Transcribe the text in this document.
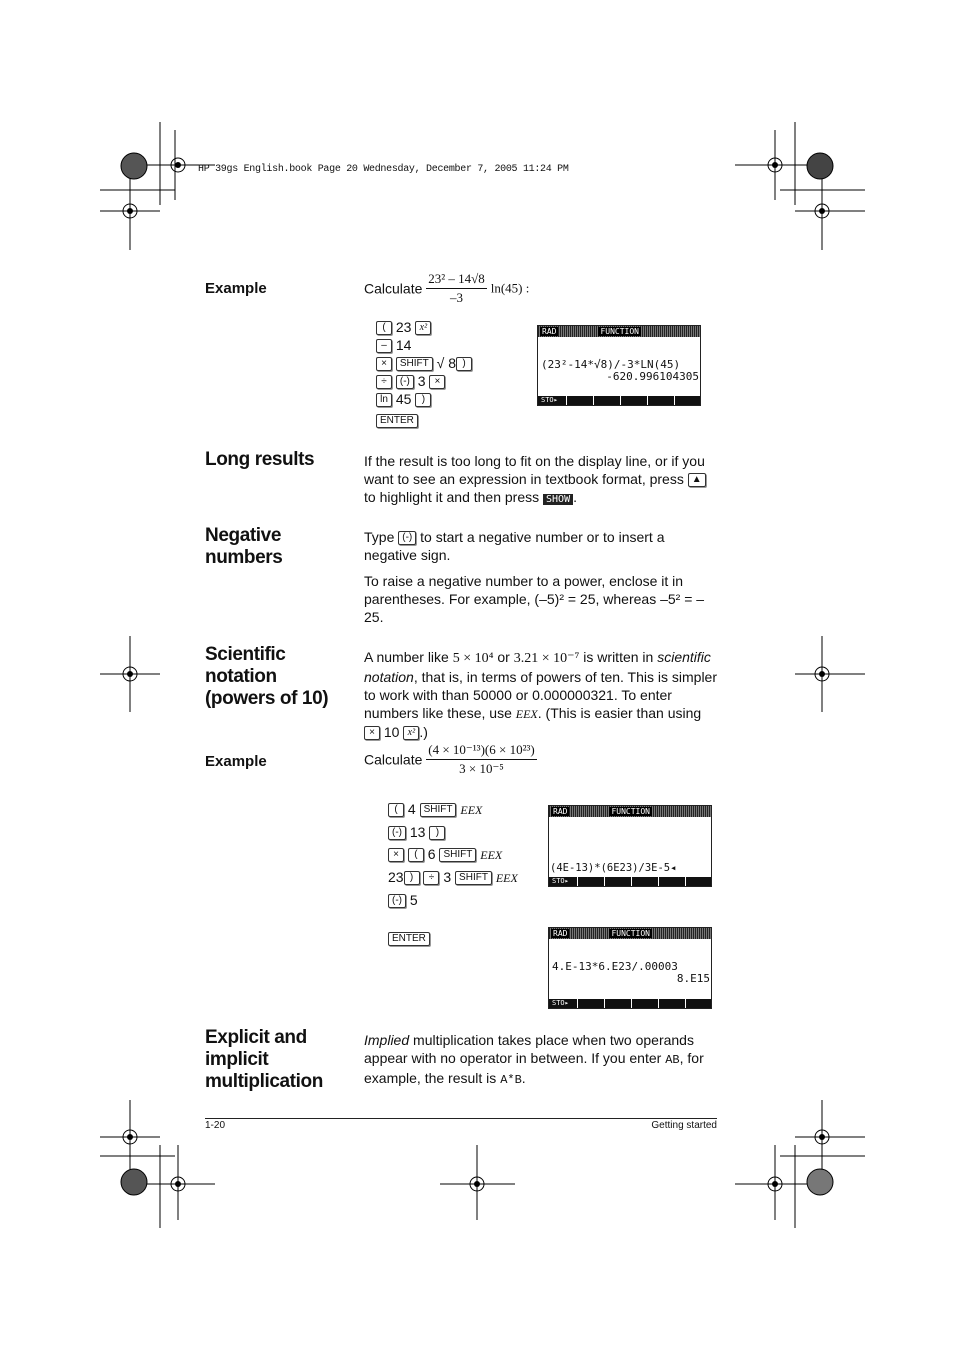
HP 39gs English.book Page 20 Wednesday, December 7, 2005 11:24 PM
Example	Calculate $\frac{\text{23² – 14√8}}{-3} \ln(45)$ :
( 23 x²
– 14
× SHIFT √ 8 )
÷ (-) 3 ×
ln 45 )
ENTER
RAD	FUNCTION
(23²-14*√8)/-3*LN(45)
-620.996104305
STO▸
Long results	If the result is too long to fit on the display line, or if you want to see an expression in textbook format, press ▲ to highlight it and then press SHOW .
Negative
numbers
Type (-) to start a negative number or to insert a negative sign.
To raise a negative number to a power, enclose it in parentheses. For example, (–5)² = 25, whereas –5² = –25.
Scientific
notation
(powers of 10)
A number like 5 × 10⁴ or 3.21 × 10⁻⁷ is written in scientific notation, that is, in terms of powers of ten. This is simpler to work with than 50000 or 0.000000321. To enter numbers like these, use EEX. (This is easier than using × 10 x² .)
Example	Calculate $\frac{\text{(4 × 10⁻¹³)(6 × 10²³)}}{\text{3 × 10⁻⁵}}$
( 4 SHIFT EEX
(-) 13 )
× ( 6 SHIFT EEX
23 ) ÷ 3 SHIFT EEX
(-) 5
ENTER
RAD	FUNCTION
(4E-13)*(6E23)/3E-5◂
STO▸
RAD	FUNCTION
4.E-13*6.E23/.00003
8.E15
STO▸
Explicit and
implicit
multiplication
Implied multiplication takes place when two operands appear with no operator in between. If you enter AB, for example, the result is A*B.
1-20	Getting started
